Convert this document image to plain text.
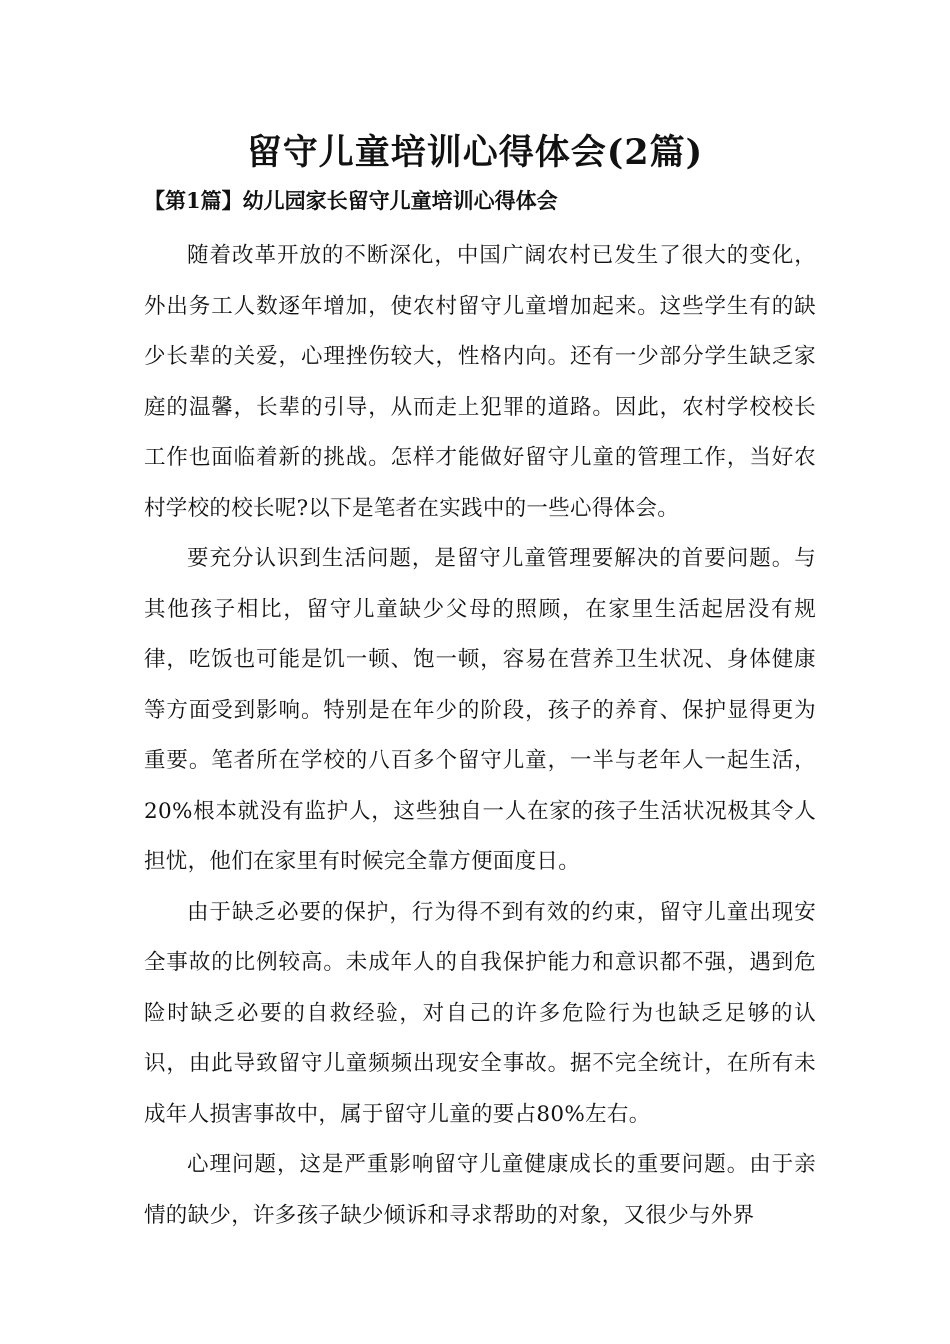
留守儿童培训心得体会(2篇)
【第1篇】幼儿园家长留守儿童培训心得体会

随着改革开放的不断深化，中国广阔农村已发生了很大的变化，外出务工人数逐年增加，使农村留守儿童增加起来。这些学生有的缺少长辈的关爱，心理挫伤较大，性格内向。还有一少部分学生缺乏家庭的温馨，长辈的引导，从而走上犯罪的道路。因此，农村学校校长工作也面临着新的挑战。怎样才能做好留守儿童的管理工作，当好农村学校的校长呢?以下是笔者在实践中的一些心得体会。

要充分认识到生活问题，是留守儿童管理要解决的首要问题。与其他孩子相比，留守儿童缺少父母的照顾，在家里生活起居没有规律，吃饭也可能是饥一顿、饱一顿，容易在营养卫生状况、身体健康等方面受到影响。特别是在年少的阶段，孩子的养育、保护显得更为重要。笔者所在学校的八百多个留守儿童，一半与老年人一起生活，20%根本就没有监护人，这些独自一人在家的孩子生活状况极其令人担忧，他们在家里有时候完全靠方便面度日。

由于缺乏必要的保护，行为得不到有效的约束，留守儿童出现安全事故的比例较高。未成年人的自我保护能力和意识都不强，遇到危险时缺乏必要的自救经验，对自己的许多危险行为也缺乏足够的认识，由此导致留守儿童频频出现安全事故。据不完全统计，在所有未成年人损害事故中，属于留守儿童的要占80%左右。

心理问题，这是严重影响留守儿童健康成长的重要问题。由于亲情的缺少，许多孩子缺少倾诉和寻求帮助的对象，又很少与外界
